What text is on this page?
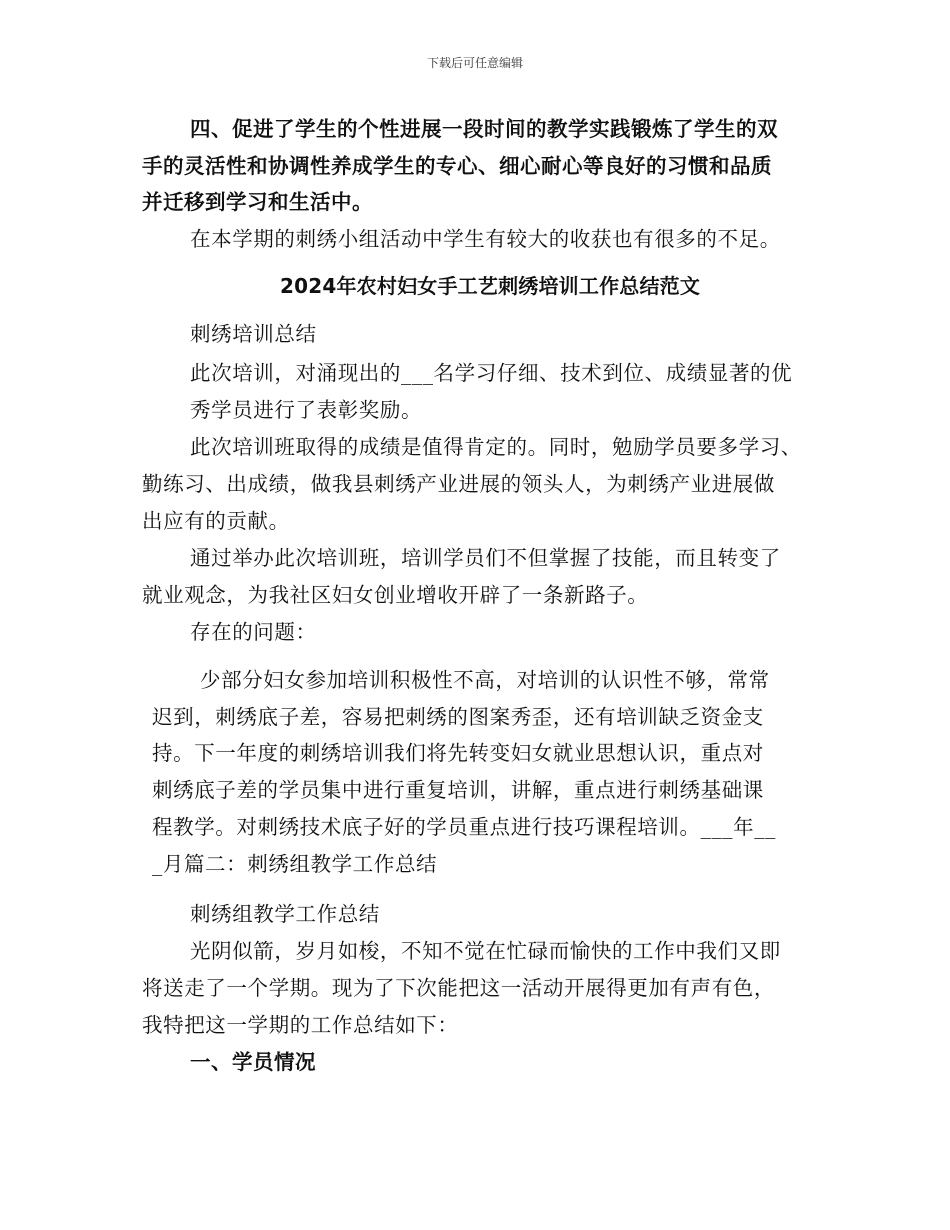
下载后可任意编辑
四、促进了学生的个性进展一段时间的教学实践锻炼了学生的双
手的灵活性和协调性养成学生的专心、细心耐心等良好的习惯和品质
并迁移到学习和生活中。
在本学期的刺绣小组活动中学生有较大的收获也有很多的不足。
2024年农村妇女手工艺刺绣培训工作总结范文
刺绣培训总结
此次培训，对涌现出的___名学习仔细、技术到位、成绩显著的优
秀学员进行了表彰奖励。
此次培训班取得的成绩是值得肯定的。同时，勉励学员要多学习、
勤练习、出成绩，做我县刺绣产业进展的领头人，为刺绣产业进展做
出应有的贡献。
通过举办此次培训班，培训学员们不但掌握了技能，而且转变了
就业观念，为我社区妇女创业增收开辟了一条新路子。
存在的问题：
少部分妇女参加培训积极性不高，对培训的认识性不够，常常
迟到，刺绣底子差，容易把刺绣的图案秀歪，还有培训缺乏资金支
持。下一年度的刺绣培训我们将先转变妇女就业思想认识，重点对
刺绣底子差的学员集中进行重复培训，讲解，重点进行刺绣基础课
程教学。对刺绣技术底子好的学员重点进行技巧课程培训。___年__
_月篇二：刺绣组教学工作总结
刺绣组教学工作总结
光阴似箭，岁月如梭，不知不觉在忙碌而愉快的工作中我们又即
将送走了一个学期。现为了下次能把这一活动开展得更加有声有色，
我特把这一学期的工作总结如下：
一、学员情况
